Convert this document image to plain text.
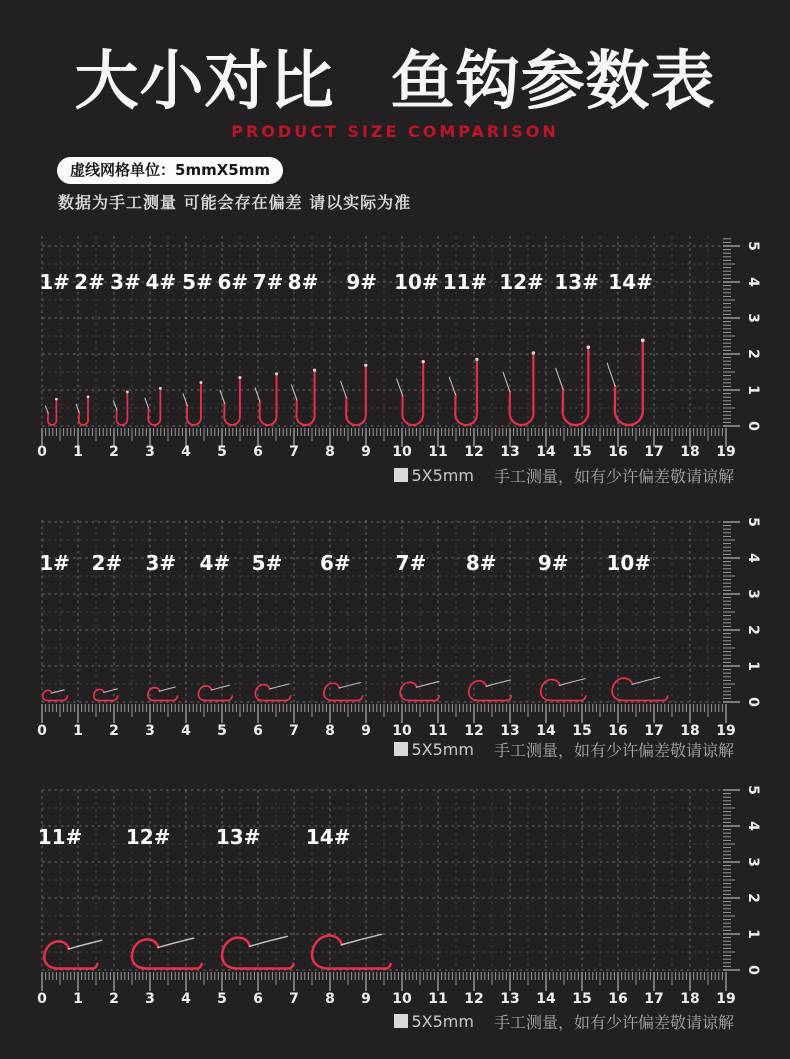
大小对比 鱼钩参数表
PRODUCT SIZE COMPARISON
虚线网格单位：5mmX5mm
数据为手工测量 可能会存在偏差 请以实际为准
1# 2# 3# 4# 5# 6# 7# 8# 9# 10# 11# 12# 13# 14#
0 1 2 3 4 5 6 7 8 9 10 11 12 13 14 15 16 17 18 19
0
1
2
3
4
5
1# 2# 3# 4# 5# 6# 7# 8# 9# 10#
0 1 2 3 4 5 6 7 8 9 10 11 12 13 14 15 16 17 18 19
0
1
2
3
4
5
11# 12# 13# 14#
0 1 2 3 4 5 6 7 8 9 10 11 12 13 14 15 16 17 18 19
0
1
2
3
4
5
5X5mm 手工测量，如有少许偏差敬请谅解
5X5mm 手工测量，如有少许偏差敬请谅解
5X5mm 手工测量，如有少许偏差敬请谅解
